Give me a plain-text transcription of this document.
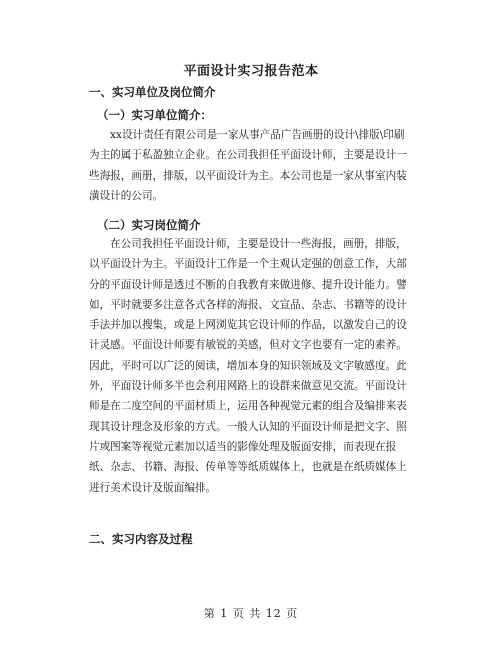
平面设计实习报告范本
一、实习单位及岗位简介
（一）实习单位简介：
xx设计责任有限公司是一家从事产品广告画册的设计\排版\印刷
为主的属于私盈独立企业。在公司我担任平面设计师，主要是设计一
些海报，画册，排版，以平面设计为主。本公司也是一家从事室内装
潢设计的公司。
（二）实习岗位简介
在公司我担任平面设计师，主要是设计一些海报，画册，排版，
以平面设计为主。平面设计工作是一个主观认定强的创意工作，大部
分的平面设计师是透过不断的自我教育来做进修、提升设计能力。譬
如，平时就要多注意各式各样的海报、文宣品、杂志、书籍等的设计
手法并加以搜集，或是上网浏览其它设计师的作品，以激发自己的设
计灵感。平面设计师要有敏锐的美感，但对文字也要有一定的素养。
因此，平时可以广泛的阅读，增加本身的知识领域及文字敏感度。此
外，平面设计师多半也会利用网路上的设群来做意见交流。平面设计
师是在二度空间的平面材质上，运用各种视觉元素的组合及编排来表
现其设计理念及形象的方式。一般人认知的平面设计师是把文字、照
片或图案等视觉元素加以适当的影像处理及版面安排，而表现在报
纸、杂志、书籍、海报、传单等等纸质媒体上，也就是在纸质媒体上
进行美术设计及版面编排。
二、实习内容及过程
第 1 页 共 12 页
